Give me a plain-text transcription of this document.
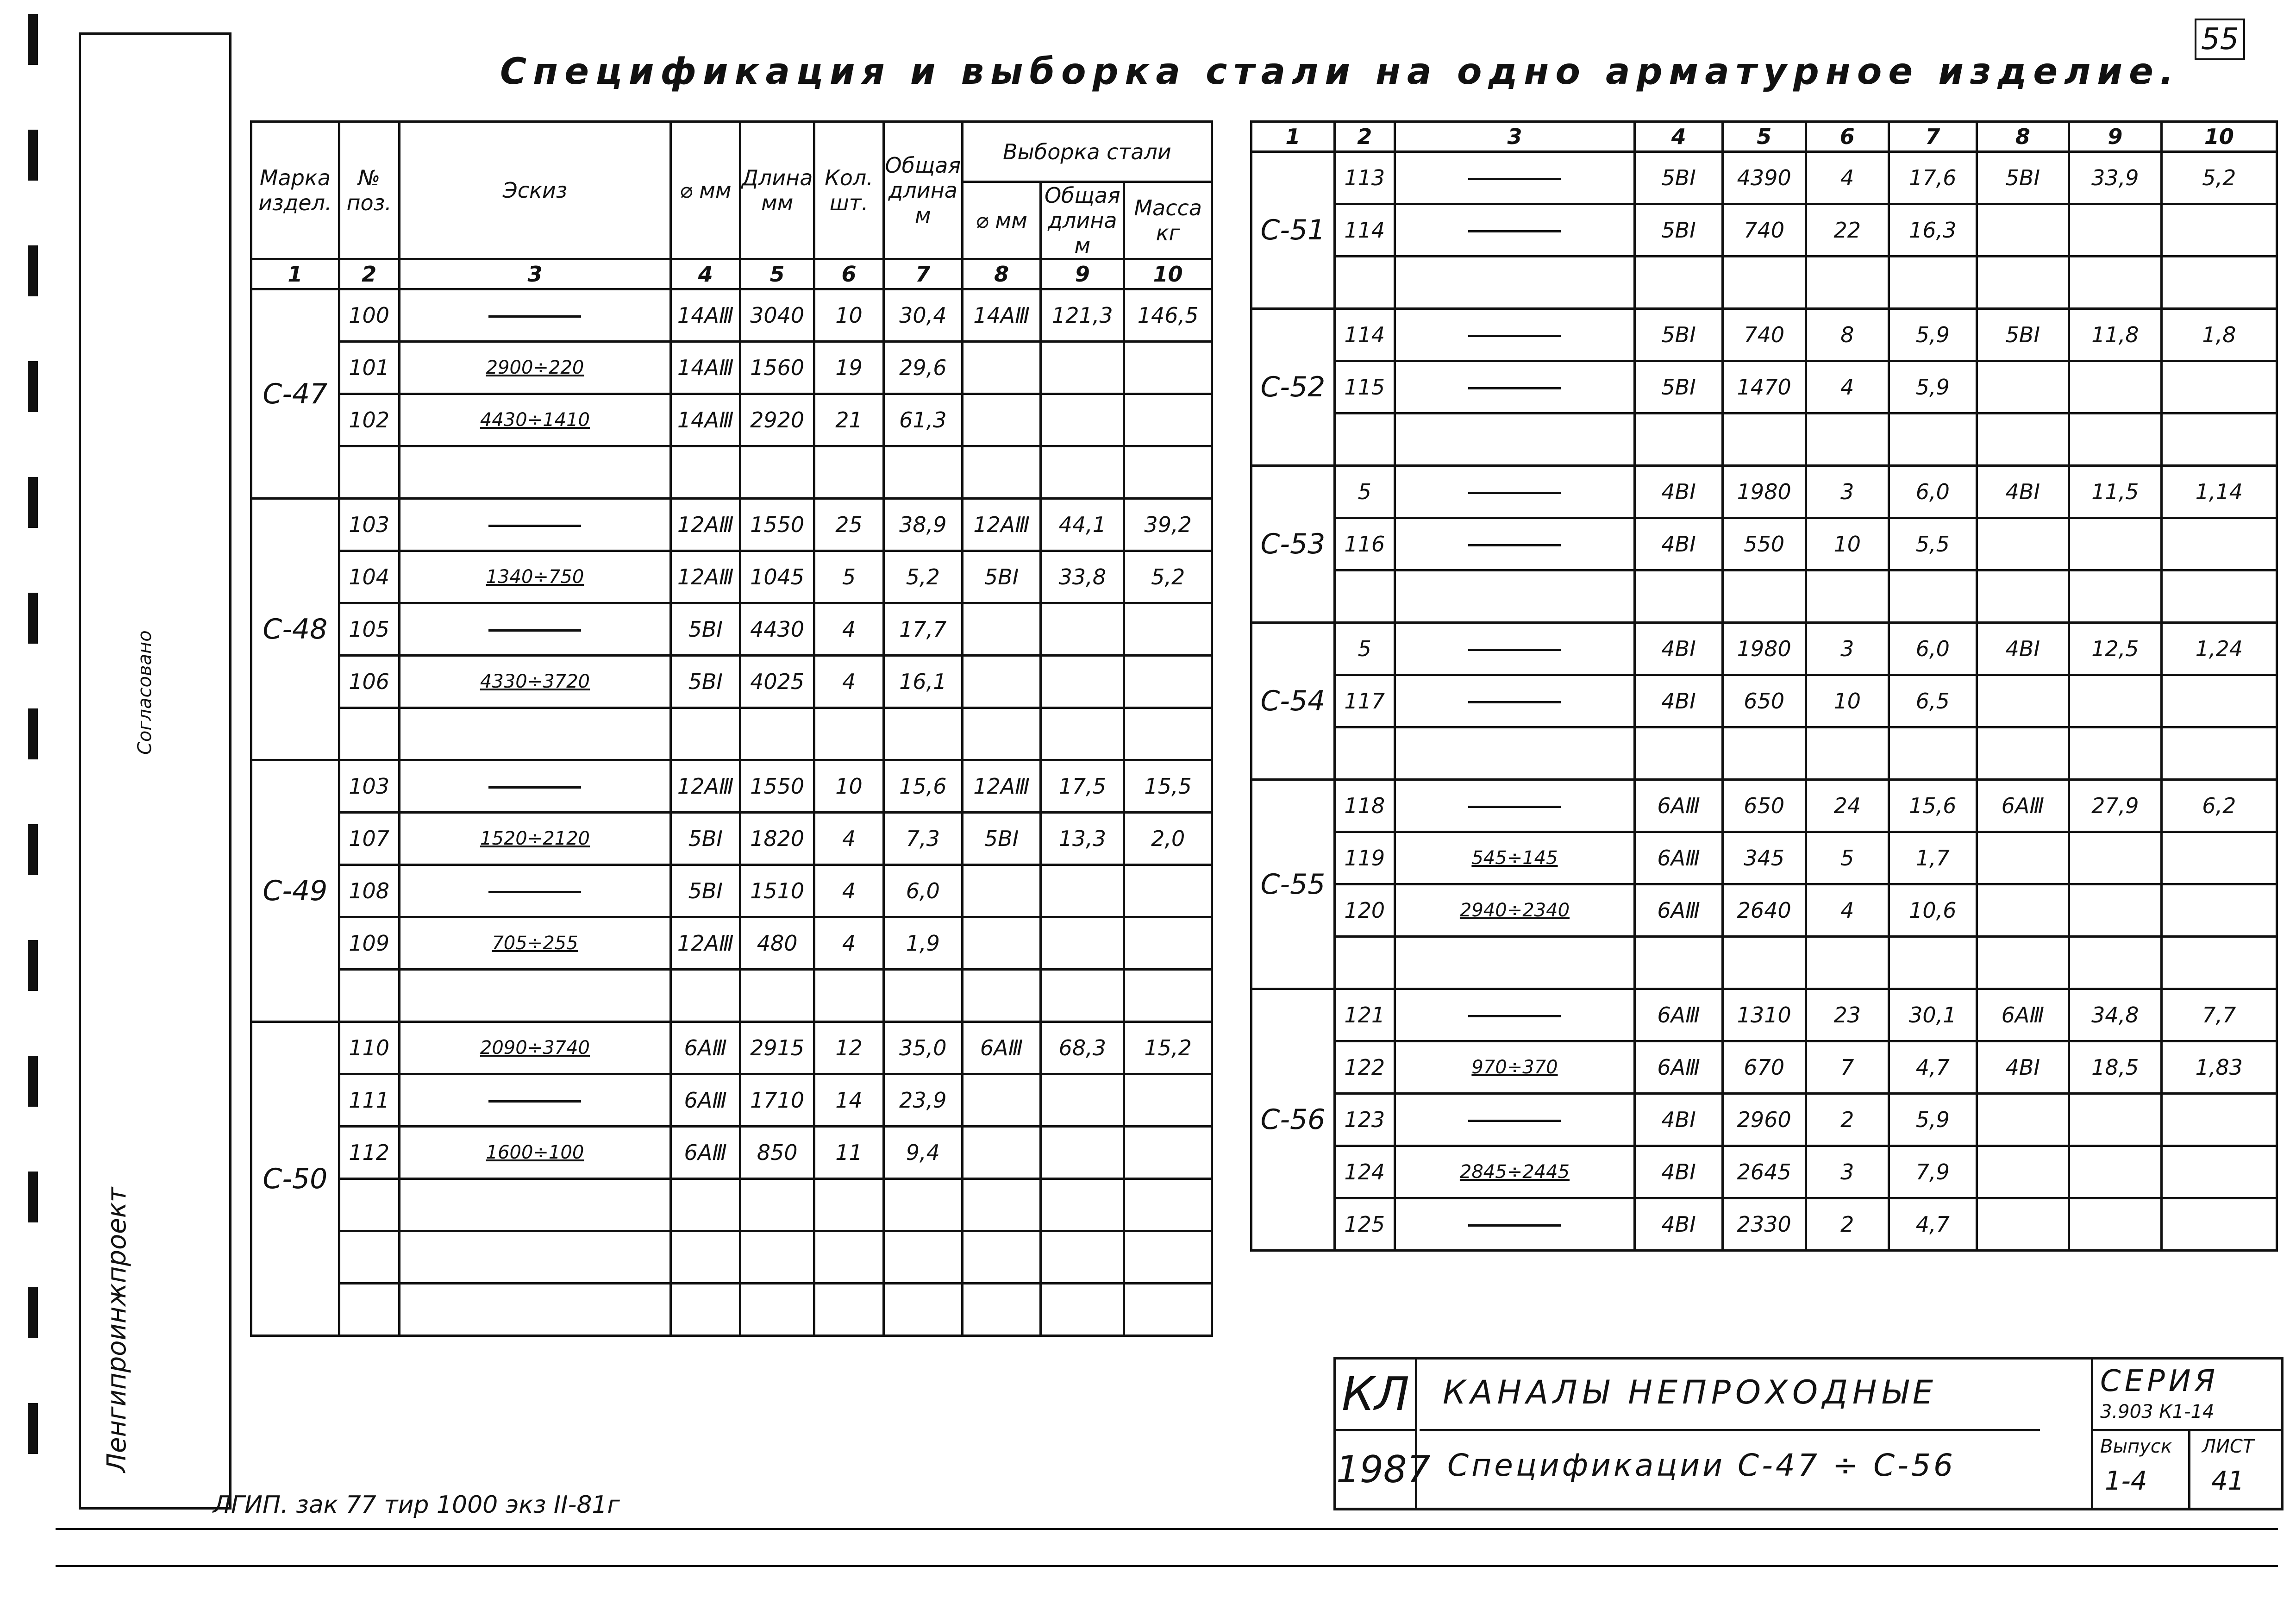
Ленгипроинжпроект
Согласовано
55
Спецификация и выборка стали на одно арматурное изделие.
Марка издел.	№ поз.	Эскиз	⌀ мм	Длина мм	Кол. шт.	Общая длина м	Выборка стали		
							⌀ мм	Общая длина м	Масса кг
1	2	3	4	5	6	7	8	9	10
С-47	100		14АⅢ	3040	10	30,4	14АⅢ	121,3	146,5
	101	2900÷220	14АⅢ	1560	19	29,6			
	102	4430÷1410	14АⅢ	2920	21	61,3			

С-48	103		12АⅢ	1550	25	38,9	12АⅢ	44,1	39,2
	104	1340÷750	12АⅢ	1045	5	5,2	5ВⅠ	33,8	5,2
	105		5ВⅠ	4430	4	17,7			
	106	4330÷3720	5ВⅠ	4025	4	16,1			

С-49	103		12АⅢ	1550	10	15,6	12АⅢ	17,5	15,5
	107	1520÷2120	5ВⅠ	1820	4	7,3	5ВⅠ	13,3	2,0
	108		5ВⅠ	1510	4	6,0			
	109	705÷255	12АⅢ	480	4	1,9			

С-50	110	2090÷3740	6АⅢ	2915	12	35,0	6АⅢ	68,3	15,2
	111		6АⅢ	1710	14	23,9			
	112	1600÷100	6АⅢ	850	11	9,4			

1	2	3	4	5	6	7	8	9	10
С-51	113		5ВⅠ	4390	4	17,6	5ВⅠ	33,9	5,2
	114		5ВⅠ	740	22	16,3			

С-52	114		5ВⅠ	740	8	5,9	5ВⅠ	11,8	1,8
	115		5ВⅠ	1470	4	5,9			

С-53	5		4ВⅠ	1980	3	6,0	4ВⅠ	11,5	1,14
	116		4ВⅠ	550	10	5,5			

С-54	5		4ВⅠ	1980	3	6,0	4ВⅠ	12,5	1,24
	117		4ВⅠ	650	10	6,5			

С-55	118		6АⅢ	650	24	15,6	6АⅢ	27,9	6,2
	119	545÷145	6АⅢ	345	5	1,7			
	120	2940÷2340	6АⅢ	2640	4	10,6			

С-56	121		6АⅢ	1310	23	30,1	6АⅢ	34,8	7,7
	122	970÷370	6АⅢ	670	7	4,7	4ВⅠ	18,5	1,83
	123		4ВⅠ	2960	2	5,9			
	124	2845÷2445	4ВⅠ	2645	3	7,9			
	125		4ВⅠ	2330	2	4,7			
КЛ
1987
КАНАЛЫ НЕПРОХОДНЫЕ
Спецификации С-47 ÷ С-56
СЕРИЯ
3.903 К1-14
Выпуск
1-4
ЛИСТ
41
ЛГИП. зак 77 тир 1000 экз II-81г
